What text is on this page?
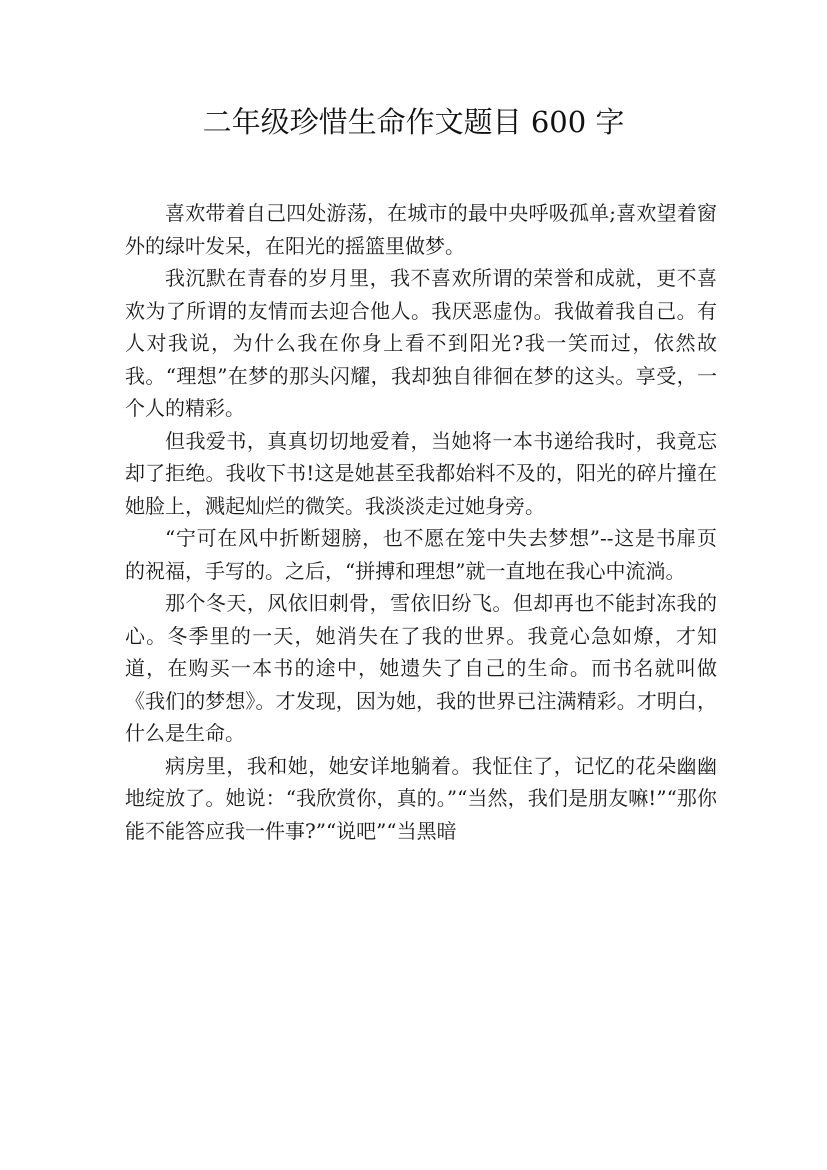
二年级珍惜生命作文题目 600 字

喜欢带着自己四处游荡，在城市的最中央呼吸孤单;喜欢望着窗外的绿叶发呆，在阳光的摇篮里做梦。

我沉默在青春的岁月里，我不喜欢所谓的荣誉和成就，更不喜欢为了所谓的友情而去迎合他人。我厌恶虚伪。我做着我自己。有人对我说，为什么我在你身上看不到阳光?我一笑而过，依然故我。“理想”在梦的那头闪耀，我却独自徘徊在梦的这头。享受，一个人的精彩。

但我爱书，真真切切地爱着，当她将一本书递给我时，我竟忘却了拒绝。我收下书!这是她甚至我都始料不及的，阳光的碎片撞在她脸上，溅起灿烂的微笑。我淡淡走过她身旁。

“宁可在风中折断翅膀，也不愿在笼中失去梦想”--这是书扉页的祝福，手写的。之后，“拼搏和理想”就一直地在我心中流淌。

那个冬天，风依旧刺骨，雪依旧纷飞。但却再也不能封冻我的心。冬季里的一天，她消失在了我的世界。我竟心急如燎，才知道，在购买一本书的途中，她遗失了自己的生命。而书名就叫做《我们的梦想》。才发现，因为她，我的世界已注满精彩。才明白，什么是生命。

病房里，我和她，她安详地躺着。我怔住了，记忆的花朵幽幽地绽放了。她说：“我欣赏你，真的。”“当然，我们是朋友嘛!”“那你能不能答应我一件事?”“说吧”“当黑暗
